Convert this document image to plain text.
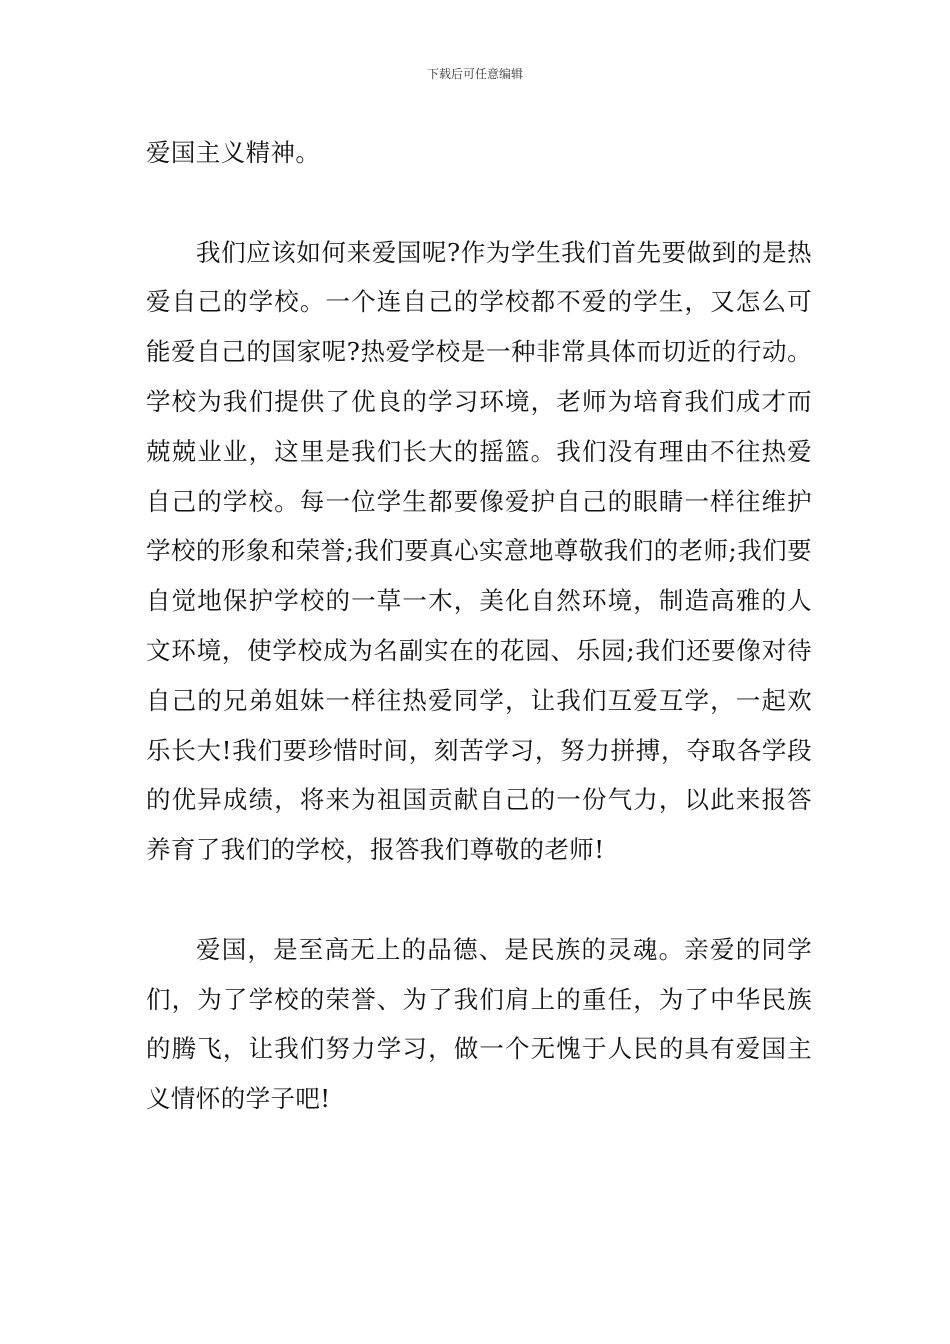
下载后可任意编辑

爱国主义精神。

我们应该如何来爱国呢?作为学生我们首先要做到的是热爱自己的学校。一个连自己的学校都不爱的学生，又怎么可能爱自己的国家呢?热爱学校是一种非常具体而切近的行动。学校为我们提供了优良的学习环境，老师为培育我们成才而兢兢业业，这里是我们长大的摇篮。我们没有理由不往热爱自己的学校。每一位学生都要像爱护自己的眼睛一样往维护学校的形象和荣誉;我们要真心实意地尊敬我们的老师;我们要自觉地保护学校的一草一木，美化自然环境，制造高雅的人文环境，使学校成为名副实在的花园、乐园;我们还要像对待自己的兄弟姐妹一样往热爱同学，让我们互爱互学，一起欢乐长大!我们要珍惜时间，刻苦学习，努力拼搏，夺取各学段的优异成绩，将来为祖国贡献自己的一份气力，以此来报答养育了我们的学校，报答我们尊敬的老师!

爱国，是至高无上的品德、是民族的灵魂。亲爱的同学们，为了学校的荣誉、为了我们肩上的重任，为了中华民族的腾飞，让我们努力学习，做一个无愧于人民的具有爱国主义情怀的学子吧!
